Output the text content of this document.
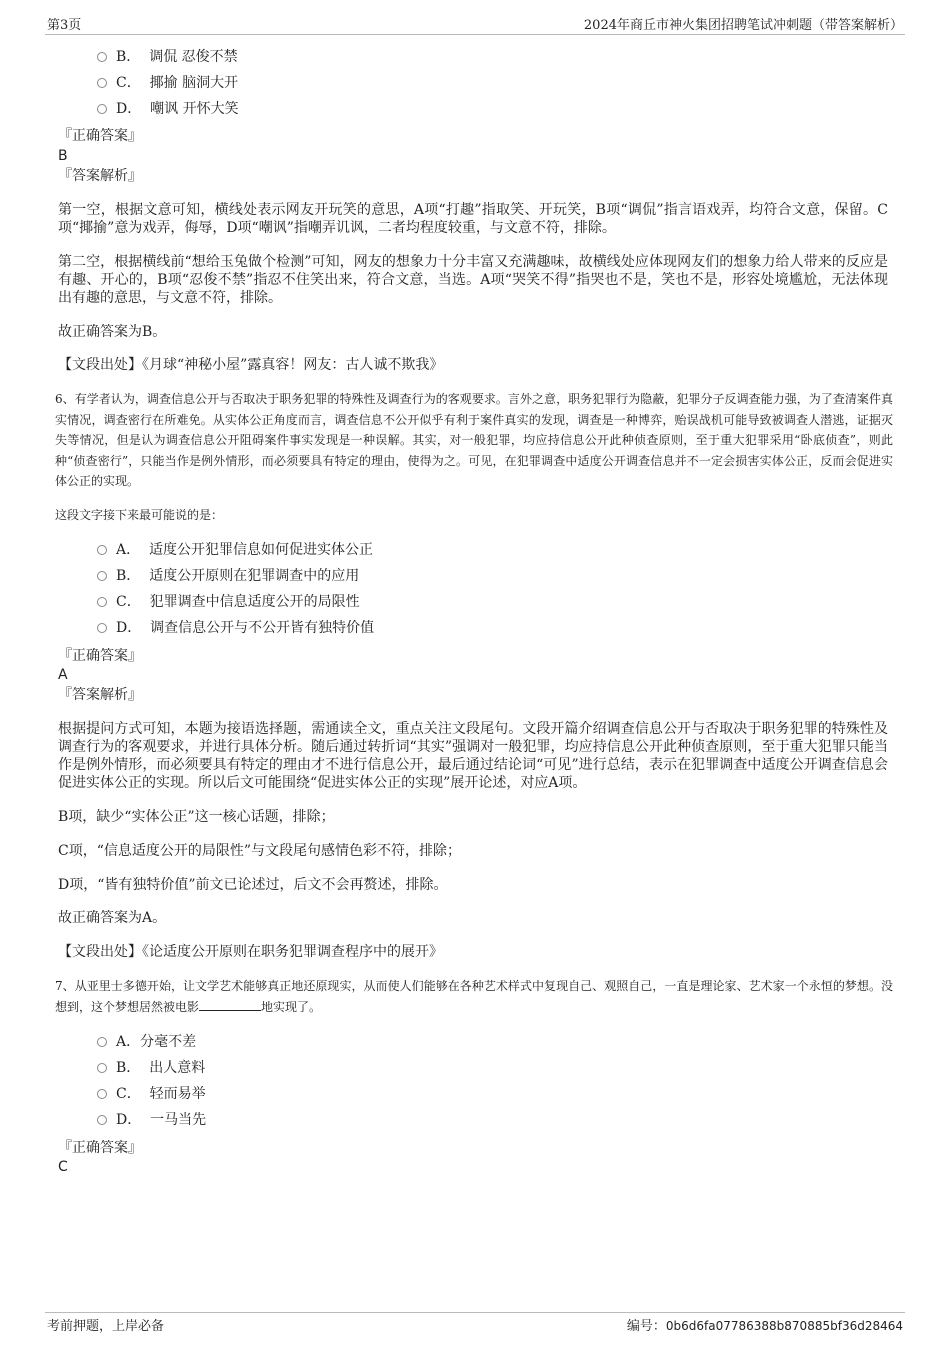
第3页	2024年商丘市神火集团招聘笔试冲刺题（带答案解析）
B． 调侃 忍俊不禁
C． 揶揄 脑洞大开
D． 嘲讽 开怀大笑
『正确答案』
B
『答案解析』
第一空，根据文意可知，横线处表示网友开玩笑的意思，A项“打趣”指取笑、开玩笑，B项“调侃”指言语戏弄，均符合文意，保留。C项“揶揄”意为戏弄，侮辱，D项“嘲讽”指嘲弄讥讽，二者均程度较重，与文意不符，排除。
第二空，根据横线前“想给玉兔做个检测”可知，网友的想象力十分丰富又充满趣味，故横线处应体现网友们的想象力给人带来的反应是有趣、开心的，B项“忍俊不禁”指忍不住笑出来，符合文意，当选。A项“哭笑不得”指哭也不是，笑也不是，形容处境尴尬，无法体现出有趣的意思，与文意不符，排除。
故正确答案为B。
【文段出处】《月球“神秘小屋”露真容！网友：古人诚不欺我》
6、有学者认为，调查信息公开与否取决于职务犯罪的特殊性及调查行为的客观要求。言外之意，职务犯罪行为隐蔽，犯罪分子反调查能力强，为了查清案件真实情况，调查密行在所难免。从实体公正角度而言，调查信息不公开似乎有利于案件真实的发现，调查是一种博弈，贻误战机可能导致被调查人潜逃，证据灭失等情况，但是认为调查信息公开阻碍案件事实发现是一种误解。其实，对一般犯罪，均应持信息公开此种侦查原则，至于重大犯罪采用“卧底侦查”，则此种“侦查密行”，只能当作是例外情形，而必须要具有特定的理由，使得为之。可见，在犯罪调查中适度公开调查信息并不一定会损害实体公正，反而会促进实体公正的实现。
这段文字接下来最可能说的是：
A． 适度公开犯罪信息如何促进实体公正
B． 适度公开原则在犯罪调查中的应用
C． 犯罪调查中信息适度公开的局限性
D． 调查信息公开与不公开皆有独特价值
『正确答案』
A
『答案解析』
根据提问方式可知，本题为接语选择题，需通读全文，重点关注文段尾句。文段开篇介绍调查信息公开与否取决于职务犯罪的特殊性及调查行为的客观要求，并进行具体分析。随后通过转折词“其实”强调对一般犯罪，均应持信息公开此种侦查原则，至于重大犯罪只能当作是例外情形，而必须要具有特定的理由才不进行信息公开，最后通过结论词“可见”进行总结，表示在犯罪调查中适度公开调查信息会促进实体公正的实现。所以后文可能围绕“促进实体公正的实现”展开论述，对应A项。
B项，缺少“实体公正”这一核心话题，排除；
C项，“信息适度公开的局限性”与文段尾句感情色彩不符，排除；
D项，“皆有独特价值”前文已论述过，后文不会再赘述，排除。
故正确答案为A。
【文段出处】《论适度公开原则在职务犯罪调查程序中的展开》
7、从亚里士多德开始，让文学艺术能够真正地还原现实，从而使人们能够在各种艺术样式中复现自己、观照自己，一直是理论家、艺术家一个永恒的梦想。没想到，这个梦想居然被电影	地实现了。
A．分毫不差
B． 出人意料
C． 轻而易举
D． 一马当先
『正确答案』
C
考前押题，上岸必备	编号：0b6d6fa07786388b870885bf36d28464
